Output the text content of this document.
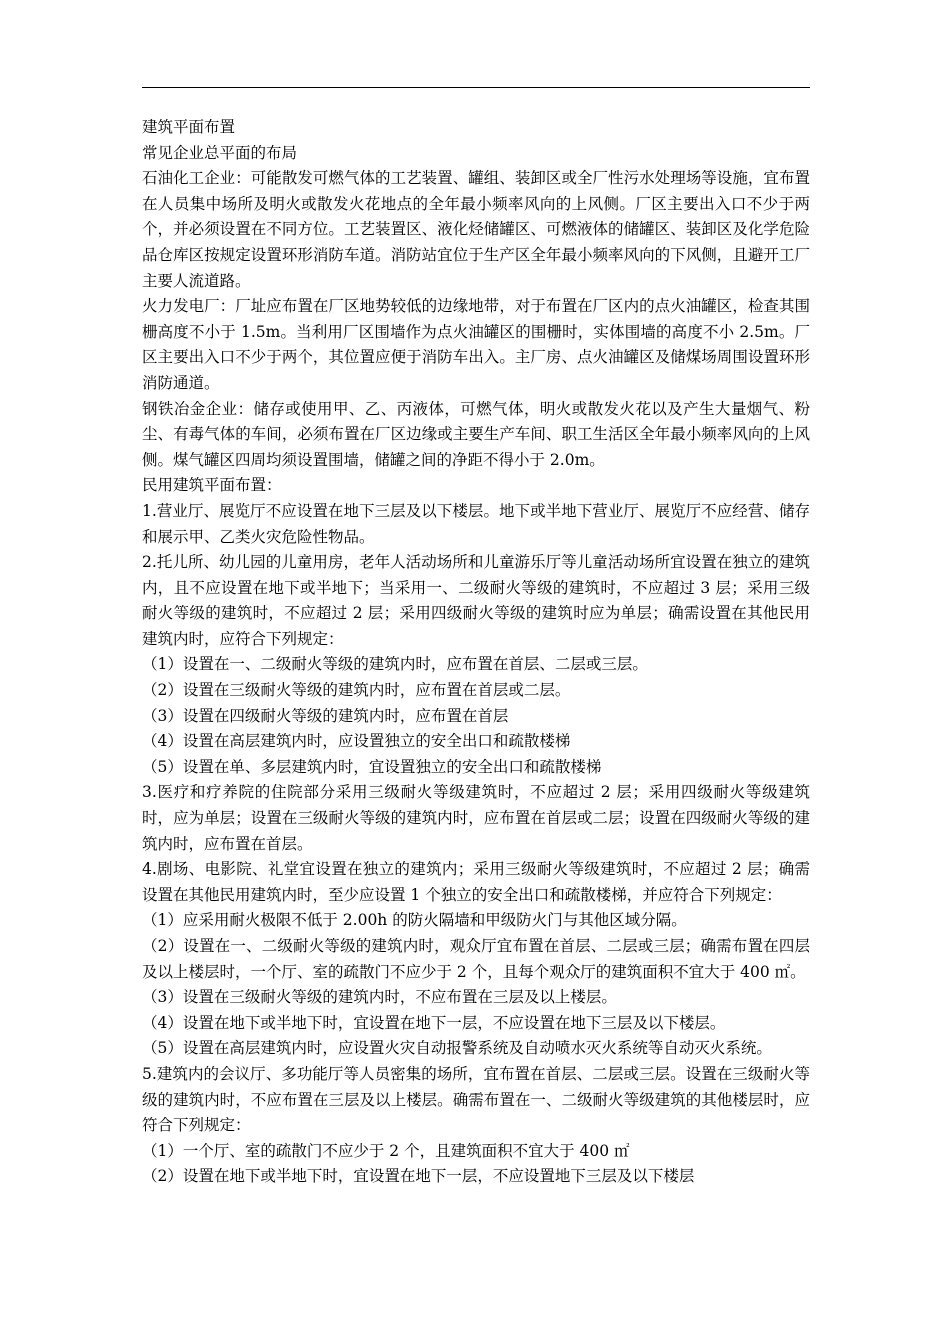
建筑平面布置

常见企业总平面的布局

石油化工企业：可能散发可燃气体的工艺装置、罐组、装卸区或全厂性污水处理场等设施，宜布置在人员集中场所及明火或散发火花地点的全年最小频率风向的上风侧。厂区主要出入口不少于两个，并必须设置在不同方位。工艺装置区、液化烃储罐区、可燃液体的储罐区、装卸区及化学危险品仓库区按规定设置环形消防车道。消防站宜位于生产区全年最小频率风向的下风侧，且避开工厂主要人流道路。

火力发电厂：厂址应布置在厂区地势较低的边缘地带，对于布置在厂区内的点火油罐区，检查其围栅高度不小于 1.5m。当利用厂区围墙作为点火油罐区的围栅时，实体围墙的高度不小 2.5m。厂区主要出入口不少于两个，其位置应便于消防车出入。主厂房、点火油罐区及储煤场周围设置环形消防通道。

钢铁冶金企业：储存或使用甲、乙、丙液体，可燃气体，明火或散发火花以及产生大量烟气、粉尘、有毒气体的车间，必须布置在厂区边缘或主要生产车间、职工生活区全年最小频率风向的上风侧。煤气罐区四周均须设置围墙，储罐之间的净距不得小于 2.0m。

民用建筑平面布置：

1.营业厅、展览厅不应设置在地下三层及以下楼层。地下或半地下营业厅、展览厅不应经营、储存和展示甲、乙类火灾危险性物品。

2.托儿所、幼儿园的儿童用房，老年人活动场所和儿童游乐厅等儿童活动场所宜设置在独立的建筑内，且不应设置在地下或半地下；当采用一、二级耐火等级的建筑时，不应超过 3 层；采用三级耐火等级的建筑时，不应超过 2 层；采用四级耐火等级的建筑时应为单层；确需设置在其他民用建筑内时，应符合下列规定：

（1）设置在一、二级耐火等级的建筑内时，应布置在首层、二层或三层。

（2）设置在三级耐火等级的建筑内时，应布置在首层或二层。

（3）设置在四级耐火等级的建筑内时，应布置在首层

（4）设置在高层建筑内时，应设置独立的安全出口和疏散楼梯

（5）设置在单、多层建筑内时，宜设置独立的安全出口和疏散楼梯

3.医疗和疗养院的住院部分采用三级耐火等级建筑时，不应超过 2 层；采用四级耐火等级建筑时，应为单层；设置在三级耐火等级的建筑内时，应布置在首层或二层；设置在四级耐火等级的建筑内时，应布置在首层。

4.剧场、电影院、礼堂宜设置在独立的建筑内；采用三级耐火等级建筑时，不应超过 2 层；确需设置在其他民用建筑内时，至少应设置 1 个独立的安全出口和疏散楼梯，并应符合下列规定：

（1）应采用耐火极限不低于 2.00h 的防火隔墙和甲级防火门与其他区域分隔。

（2）设置在一、二级耐火等级的建筑内时，观众厅宜布置在首层、二层或三层；确需布置在四层及以上楼层时，一个厅、室的疏散门不应少于 2 个，且每个观众厅的建筑面积不宜大于 400 ㎡。

（3）设置在三级耐火等级的建筑内时，不应布置在三层及以上楼层。

（4）设置在地下或半地下时，宜设置在地下一层，不应设置在地下三层及以下楼层。

（5）设置在高层建筑内时，应设置火灾自动报警系统及自动喷水灭火系统等自动灭火系统。

5.建筑内的会议厅、多功能厅等人员密集的场所，宜布置在首层、二层或三层。设置在三级耐火等级的建筑内时，不应布置在三层及以上楼层。确需布置在一、二级耐火等级建筑的其他楼层时，应符合下列规定：

（1）一个厅、室的疏散门不应少于 2 个，且建筑面积不宜大于 400 ㎡

（2）设置在地下或半地下时，宜设置在地下一层，不应设置地下三层及以下楼层
